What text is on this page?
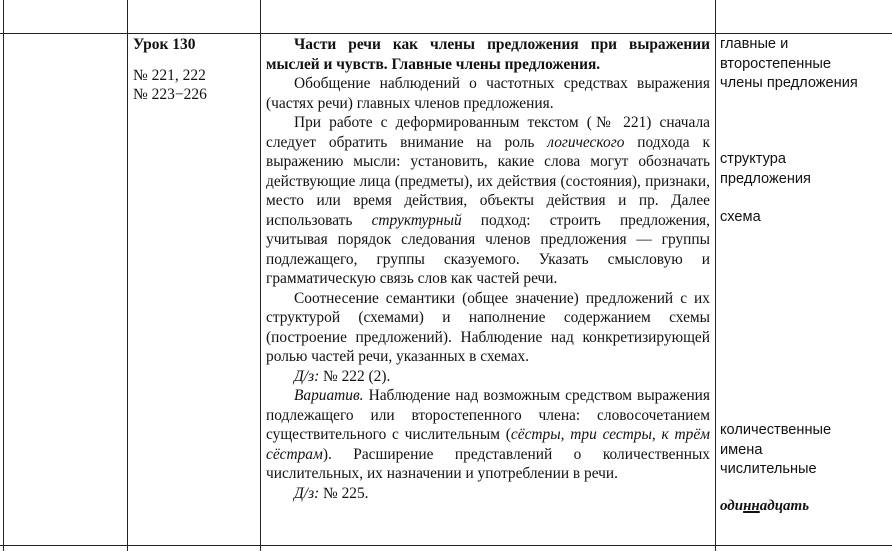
Урок 130
№ 221, 222
№ 223−226

Части речи как члены предложения при выражении мыслей и чувств. Главные члены предложения.

Обобщение наблюдений о частотных средствах выражения (частях речи) главных членов предложения.

При работе с деформированным текстом (№ 221) сначала следует обратить внимание на роль логического подхода к выражению мысли: установить, какие слова могут обозначать действующие лица (предметы), их действия (состояния), признаки, место или время действия, объекты действия и пр. Далее использовать структурный подход: строить предложения, учитывая порядок следования членов предложения — группы подлежащего, группы сказуемого. Указать смысловую и грамматическую связь слов как частей речи.

Соотнесение семантики (общее значение) предложений с их структурой (схемами) и наполнение содержанием схемы (построение предложений). Наблюдение над конкретизирующей ролью частей речи, указанных в схемах.

Д/з: № 222 (2).

Вариатив. Наблюдение над возможным средством выражения подлежащего или второстепенного члена: словосочетанием существительного с числительным (сёстры, три сестры, к трём сёстрам). Расширение представлений о количественных числительных, их назначении и употреблении в речи.

Д/з: № 225.

главные и
второстепенные
члены предложения
структура
предложения
схема
количественные
имена
числительные
одиннадцать
